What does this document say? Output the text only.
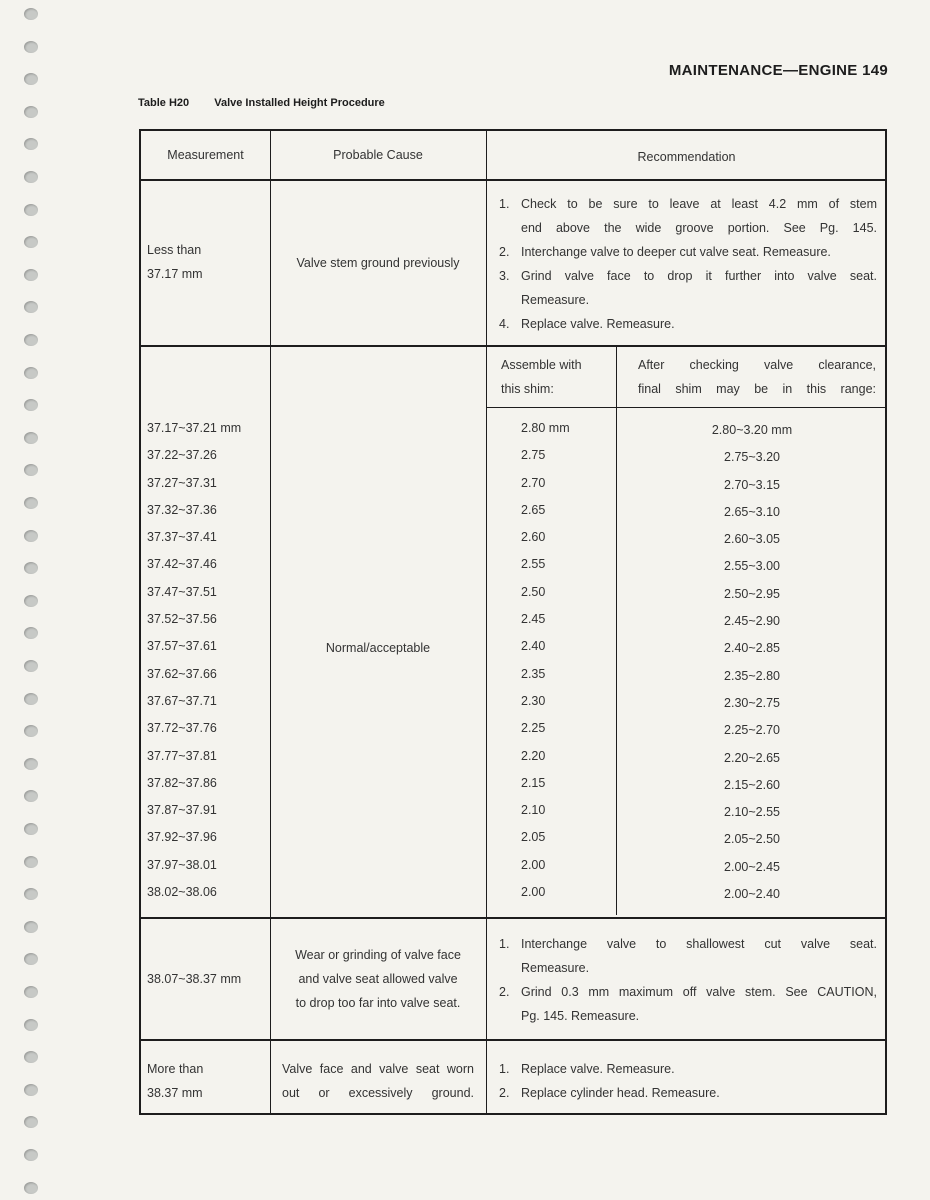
MAINTENANCE—ENGINE 149
Table H20 Valve Installed Height Procedure
Measurement	Probable Cause	Recommendation
Less than
37.17 mm
Valve stem ground previously
1. Check to be sure to leave at least 4.2 mm of stem
end above the wide groove portion. See Pg. 145.
2. Interchange valve to deeper cut valve seat. Remeasure.
3. Grind valve face to drop it further into valve seat.
Remeasure.
4. Replace valve. Remeasure.
Normal/acceptable
Assemble with
this shim:
After checking valve clearance,
final shim may be in this range:
37.17~37.21 mm
37.22~37.26
37.27~37.31
37.32~37.36
37.37~37.41
37.42~37.46
37.47~37.51
37.52~37.56
37.57~37.61
37.62~37.66
37.67~37.71
37.72~37.76
37.77~37.81
37.82~37.86
37.87~37.91
37.92~37.96
37.97~38.01
38.02~38.06
2.80 mm
2.75
2.70
2.65
2.60
2.55
2.50
2.45
2.40
2.35
2.30
2.25
2.20
2.15
2.10
2.05
2.00
2.00
2.80~3.20 mm
2.75~3.20
2.70~3.15
2.65~3.10
2.60~3.05
2.55~3.00
2.50~2.95
2.45~2.90
2.40~2.85
2.35~2.80
2.30~2.75
2.25~2.70
2.20~2.65
2.15~2.60
2.10~2.55
2.05~2.50
2.00~2.45
2.00~2.40
38.07~38.37 mm
Wear or grinding of valve face
and valve seat allowed valve
to drop too far into valve seat.
1. Interchange valve to shallowest cut valve seat.
Remeasure.
2. Grind 0.3 mm maximum off valve stem. See CAUTION,
Pg. 145. Remeasure.
More than
38.37 mm
Valve face and valve seat worn
out or excessively ground.
1. Replace valve. Remeasure.
2. Replace cylinder head. Remeasure.
